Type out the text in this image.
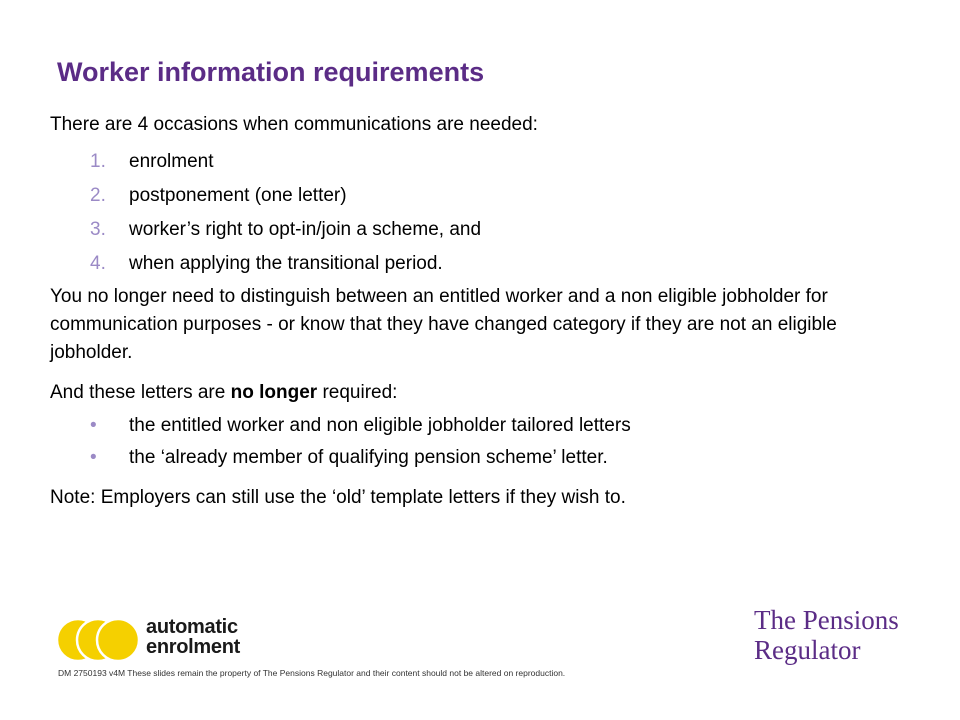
Worker information requirements

There are 4 occasions when communications are needed:

1. enrolment
2. postponement (one letter)
3. worker’s right to opt-in/join a scheme, and
4. when applying the transitional period.

You no longer need to distinguish between an entitled worker and a non eligible jobholder for communication purposes - or know that they have changed category if they are not an eligible jobholder.

And these letters are no longer required:

• the entitled worker and non eligible jobholder tailored letters
• the ‘already member of qualifying pension scheme’ letter.

Note: Employers can still use the ‘old’ template letters if they wish to.

automatic
enrolment
DM 2750193 v4M These slides remain the property of The Pensions Regulator and their content should not be altered on reproduction.
The Pensions
Regulator
